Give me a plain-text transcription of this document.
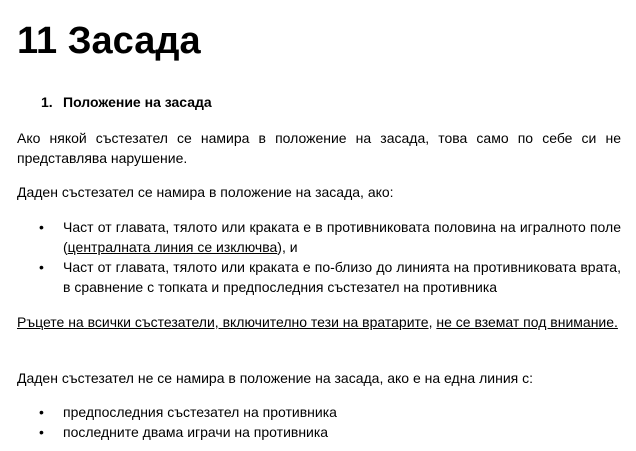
11 Засада
1. Положение на засада

Ако някой състезател се намира в положение на засада, това само по себе си не представлява нарушение.

Даден състезател се намира в положение на засада, ако:

• Част от главата, тялото или краката е в противниковата половина на игралното поле (централната линия се изключва), и
• Част от главата, тялото или краката е по-близо до линията на противниковата врата, в сравнение с топката и предпоследния състезател на противника

Ръцете на всички състезатели, включително тези на вратарите, не се вземат под внимание.

Даден състезател не се намира в положение на засада, ако е на една линия с:

• предпоследния състезател на противника
• последните двама играчи на противника
